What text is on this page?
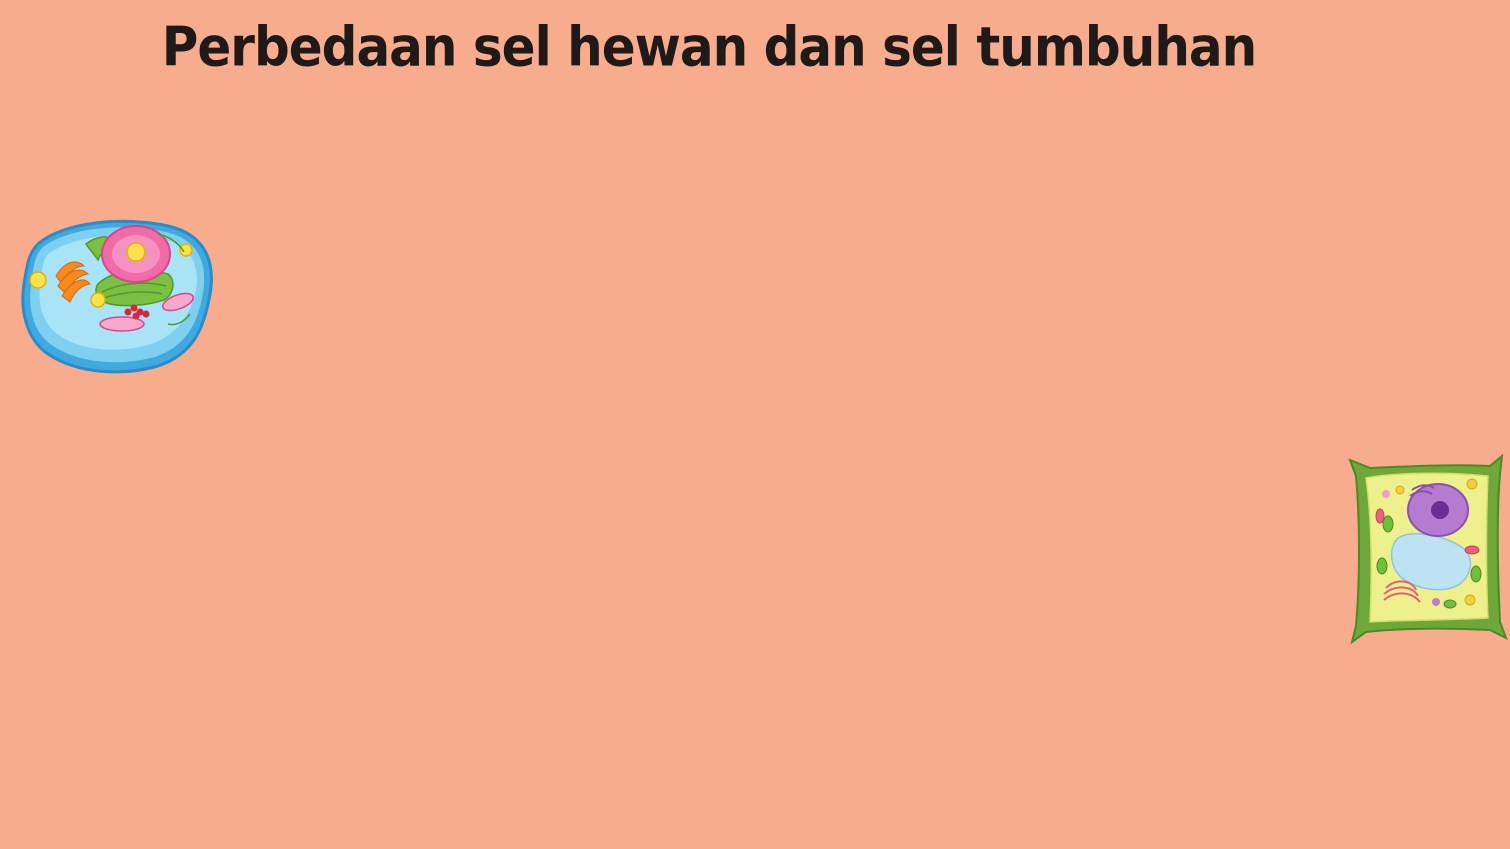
Perbedaan sel hewan dan sel tumbuhan
